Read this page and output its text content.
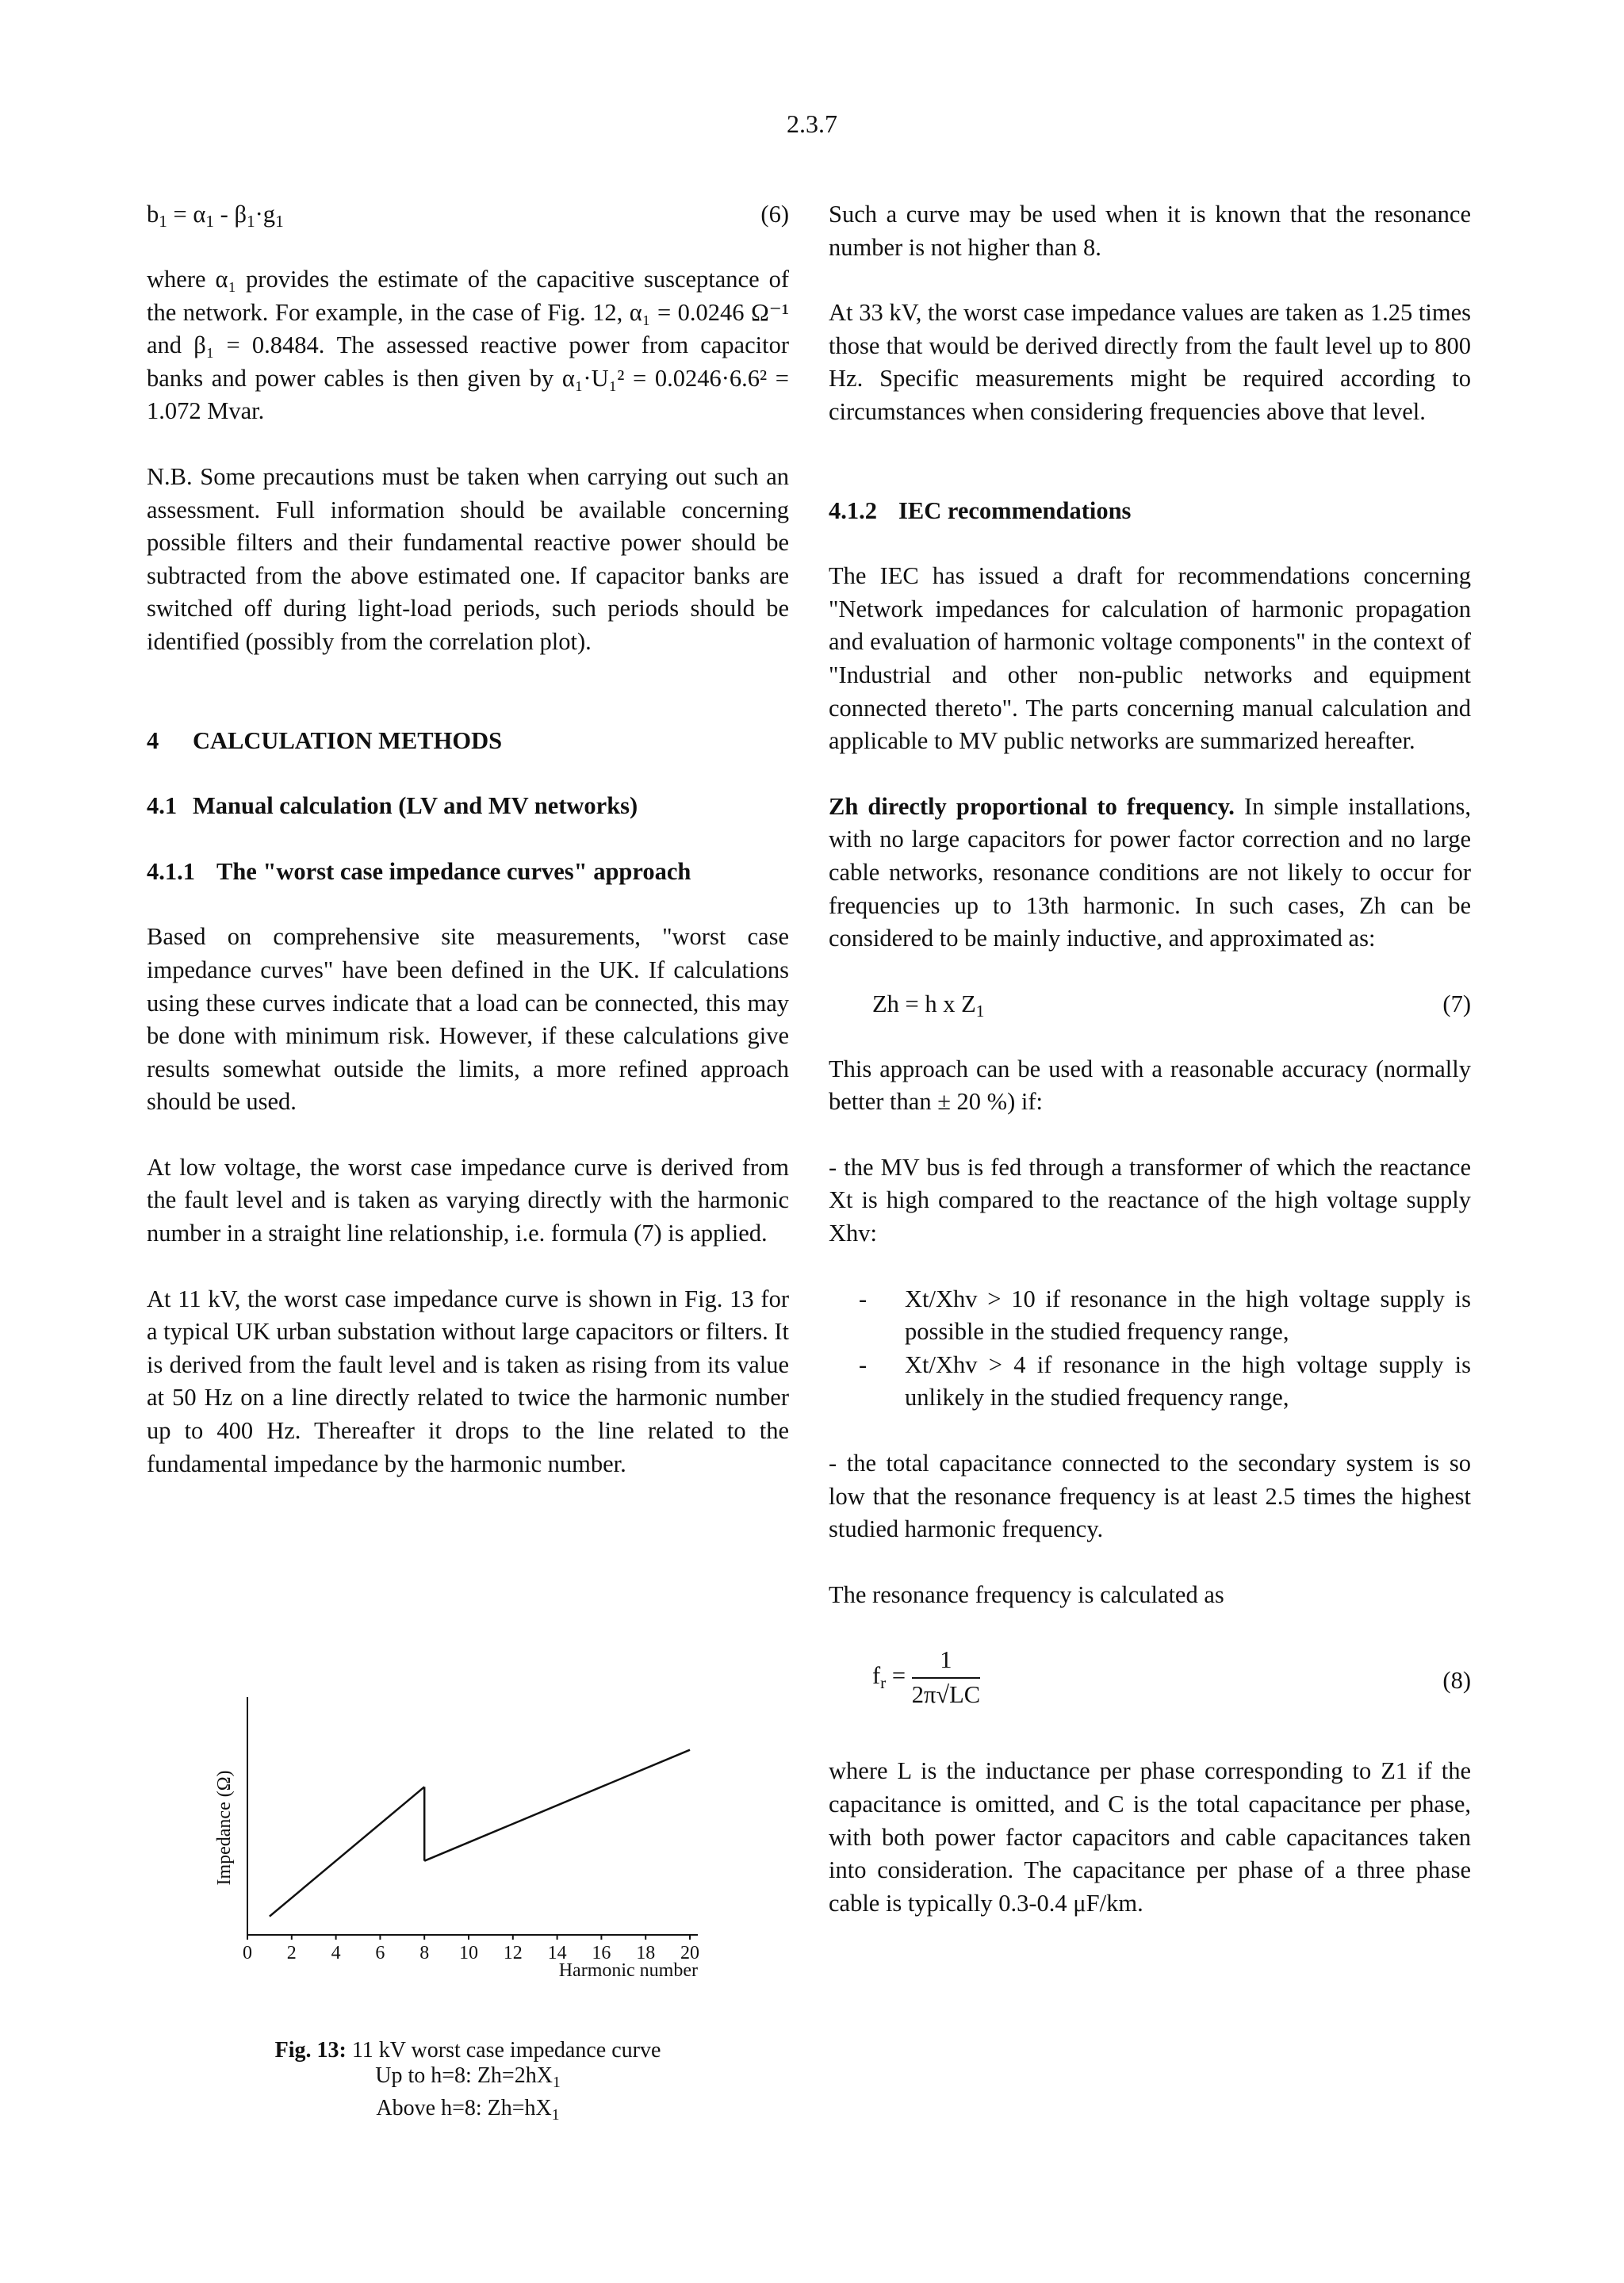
2.3.7
b1 = α1 - β1·g1	(6)

where α₁ provides the estimate of the capacitive susceptance of the network. For example, in the case of Fig. 12, α₁ = 0.0246 Ω⁻¹ and β₁ = 0.8484. The assessed reactive power from capacitor banks and power cables is then given by α₁·U₁² = 0.0246·6.6² = 1.072 Mvar.

N.B. Some precautions must be taken when carrying out such an assessment. Full information should be available concerning possible filters and their fundamental reactive power should be subtracted from the above estimated one. If capacitor banks are switched off during light-load periods, such periods should be identified (possibly from the correlation plot).

4 CALCULATION METHODS
4.1 Manual calculation (LV and MV networks)
4.1.1 The "worst case impedance curves" approach

Based on comprehensive site measurements, "worst case impedance curves" have been defined in the UK. If calculations using these curves indicate that a load can be connected, this may be done with minimum risk. However, if these calculations give results somewhat outside the limits, a more refined approach should be used.

At low voltage, the worst case impedance curve is derived from the fault level and is taken as varying directly with the harmonic number in a straight line relationship, i.e. formula (7) is applied.

At 11 kV, the worst case impedance curve is shown in Fig. 13 for a typical UK urban substation without large capacitors or filters. It is derived from the fault level and is taken as rising from its value at 50 Hz on a line directly related to twice the harmonic number up to 400 Hz. Thereafter it drops to the line related to the fundamental impedance by the harmonic number.

Impedance (Ω)
Harmonic number
0 2 4 6 8 10 12 14 16 18 20
Fig. 13: 11 kV worst case impedance curve
Up to h=8: $Zh=2hX_1$
Above h=8: $Zh=hX_1$

Such a curve may be used when it is known that the resonance number is not higher than 8.

At 33 kV, the worst case impedance values are taken as 1.25 times those that would be derived directly from the fault level up to 800 Hz. Specific measurements might be required according to circumstances when considering frequencies above that level.

4.1.2 IEC recommendations

The IEC has issued a draft for recommendations concerning "Network impedances for calculation of harmonic propagation and evaluation of harmonic voltage components" in the context of "Industrial and other non-public networks and equipment connected thereto". The parts concerning manual calculation and applicable to MV public networks are summarized hereafter.

Zh directly proportional to frequency. In simple installations, with no large capacitors for power factor correction and no large cable networks, resonance conditions are not likely to occur for frequencies up to 13th harmonic. In such cases, Zh can be considered to be mainly inductive, and approximated as:

Zh = h x Z1	(7)

This approach can be used with a reasonable accuracy (normally better than ± 20 %) if:

- the MV bus is fed through a transformer of which the reactance Xt is high compared to the reactance of the high voltage supply Xhv:
- Xt/Xhv > 10 if resonance in the high voltage supply is possible in the studied frequency range,
- Xt/Xhv > 4 if resonance in the high voltage supply is unlikely in the studied frequency range,
- the total capacitance connected to the secondary system is so low that the resonance frequency is at least 2.5 times the highest studied harmonic frequency.

The resonance frequency is calculated as

fr = $\frac{1}{2\pi√LC}$	(8)

where L is the inductance per phase corresponding to Z1 if the capacitance is omitted, and C is the total capacitance per phase, with both power factor capacitors and cable capacitances taken into consideration. The capacitance per phase of a three phase cable is typically 0.3-0.4 μF/km.
